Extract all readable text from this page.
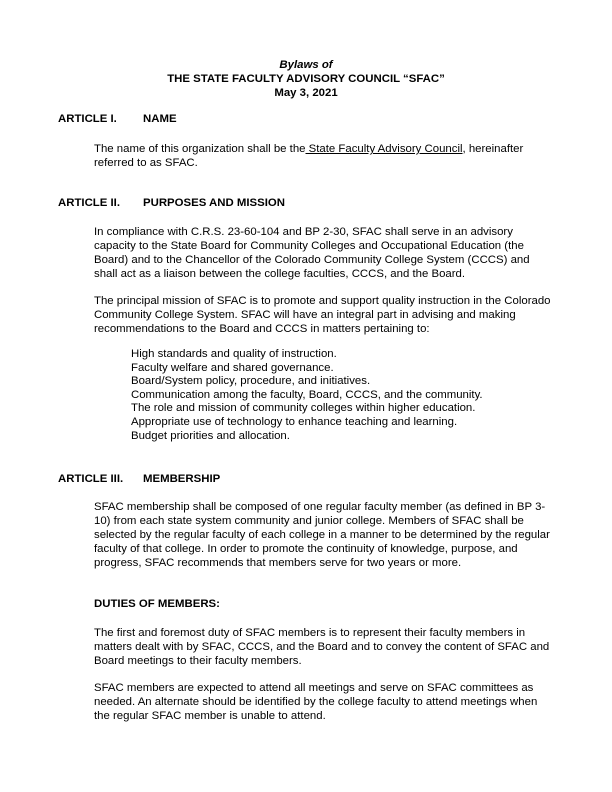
Bylaws of
THE STATE FACULTY ADVISORY COUNCIL “SFAC”
May 3, 2021
ARTICLE I. NAME

The name of this organization shall be the State Faculty Advisory Council, hereinafter referred to as SFAC.

ARTICLE II. PURPOSES AND MISSION

In compliance with C.R.S. 23-60-104 and BP 2-30, SFAC shall serve in an advisory capacity to the State Board for Community Colleges and Occupational Education (the Board) and to the Chancellor of the Colorado Community College System (CCCS) and shall act as a liaison between the college faculties, CCCS, and the Board.

The principal mission of SFAC is to promote and support quality instruction in the Colorado Community College System. SFAC will have an integral part in advising and making recommendations to the Board and CCCS in matters pertaining to:

High standards and quality of instruction.
Faculty welfare and shared governance.
Board/System policy, procedure, and initiatives.
Communication among the faculty, Board, CCCS, and the community.
The role and mission of community colleges within higher education.
Appropriate use of technology to enhance teaching and learning.
Budget priorities and allocation.
ARTICLE III. MEMBERSHIP

SFAC membership shall be composed of one regular faculty member (as defined in BP 3-10) from each state system community and junior college. Members of SFAC shall be selected by the regular faculty of each college in a manner to be determined by the regular faculty of that college. In order to promote the continuity of knowledge, purpose, and progress, SFAC recommends that members serve for two years or more.

DUTIES OF MEMBERS:

The first and foremost duty of SFAC members is to represent their faculty members in matters dealt with by SFAC, CCCS, and the Board and to convey the content of SFAC and Board meetings to their faculty members.

SFAC members are expected to attend all meetings and serve on SFAC committees as needed. An alternate should be identified by the college faculty to attend meetings when the regular SFAC member is unable to attend.
